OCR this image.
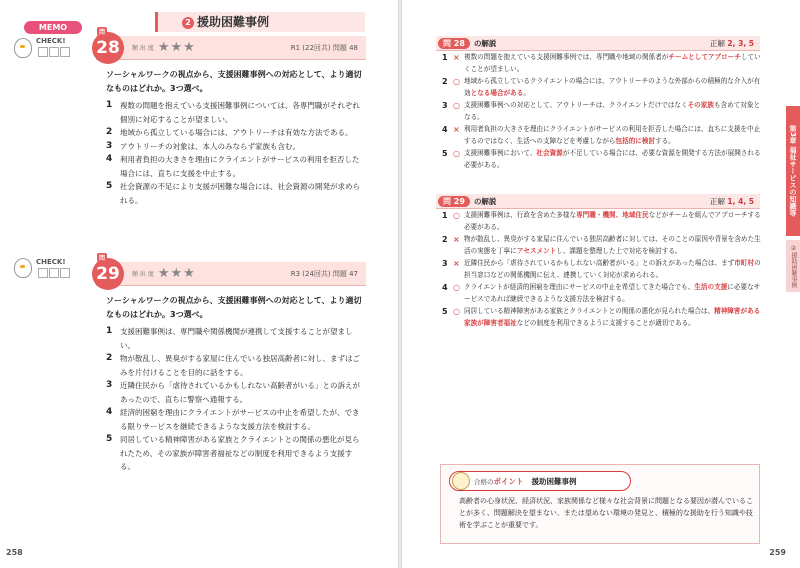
MEMO
CHECK!
2 援助困難事例
問
28 頻 出 度 ★★★	R1 (22回共) 問題 48
ソーシャルワークの視点から、支援困難事例への対応として、より適切なものはどれか。3つ選べ。
1	複数の問題を抱えている支援困難事例については、各専門職がそれぞれ個別に対応することが望ましい。
2	地域から孤立している場合には、アウトリーチは有効な方法である。
3	アウトリーチの対象は、本人のみならず家族も含む。
4	利用者負担の大きさを理由にクライエントがサービスの利用を拒否した場合には、直ちに支援を中止する。
5	社会資源の不足により支援が困難な場合には、社会資源の開発が求められる。
CHECK!	問
29 頻 出 度 ★★★	R3 (24回共) 問題 47
ソーシャルワークの視点から、支援困難事例への対応として、より適切なものはどれか。3つ選べ。
1	支援困難事例は、専門職や関係機関が連携して支援することが望ましい。
2	物が散乱し、異臭がする家屋に住んでいる独居高齢者に対し、まずはごみを片付けることを目的に話をする。
3	近隣住民から「虐待されているかもしれない高齢者がいる」との訴えがあったので、直ちに警察へ通報する。
4	経済的困窮を理由にクライエントがサービスの中止を希望したが、できる限りサービスを継続できるような支援方法を検討する。
5	同居している精神障害がある家族とクライエントとの関係の悪化が見られたため、その家族が障害者福祉などの制度を利用できるよう支援する。
258
問 28	の解説	正解 2, 3, 5
1 × 複数の問題を抱えている支援困難事例では、専門職や地域の関係者がチームとしてアプローチしていくことが望ましい。
2 ○ 地域から孤立しているクライエントの場合には、アウトリーチのような外部からの積極的な介入が有効となる場合がある。
3 ○ 支援困難事例への対応として、アウトリーチは、クライエントだけではなくその家族も含めて対象となる。
4 × 利用者負担の大きさを理由にクライエントがサービスの利用を拒否した場合には、直ちに支援を中止するのではなく、生活への支障などを考慮しながら包括的に検討する。
5 ○ 支援困難事例において、社会資源が不足している場合には、必要な資源を開発する方法が展開される必要がある。
問 29	の解説	正解 1, 4, 5
1 ○ 支援困難事例は、行政を含めた多様な専門職・機関、地域住民などがチームを組んでアプローチする必要がある。
2 × 物が散乱し、異臭がする家屋に住んでいる独居高齢者に対しては、そのことの原因や背景を含めた生活の実態を丁寧にアセスメントし、課題を整理した上で対応を検討する。
3 × 近隣住民から「虐待されているかもしれない高齢者がいる」との訴えがあった場合は、まず市町村の担当窓口などの関係機関に伝え、連携していく対応が求められる。
4 ○ クライエントが経済的困窮を理由にサービスの中止を希望してきた場合でも、生活の支援に必要なサービスであれば継続できるような支援方法を検討する。
5 ○ 同居している精神障害がある家族とクライエントとの関係の悪化が見られた場合は、精神障害がある家族が障害者福祉などの制度を利用できるように支援することが適切である。
第3章 福祉サービスの知識等
②援助困難事例
合格のポイント 援助困難事例
高齢者の心身状況、経済状況、家族関係など様々な社会背景に問題となる要因が潜んでいることが多く、問題解決を望まない、または望めない環境の発見と、積極的な援助を行う知識や技術を学ぶことが重要です。
259
